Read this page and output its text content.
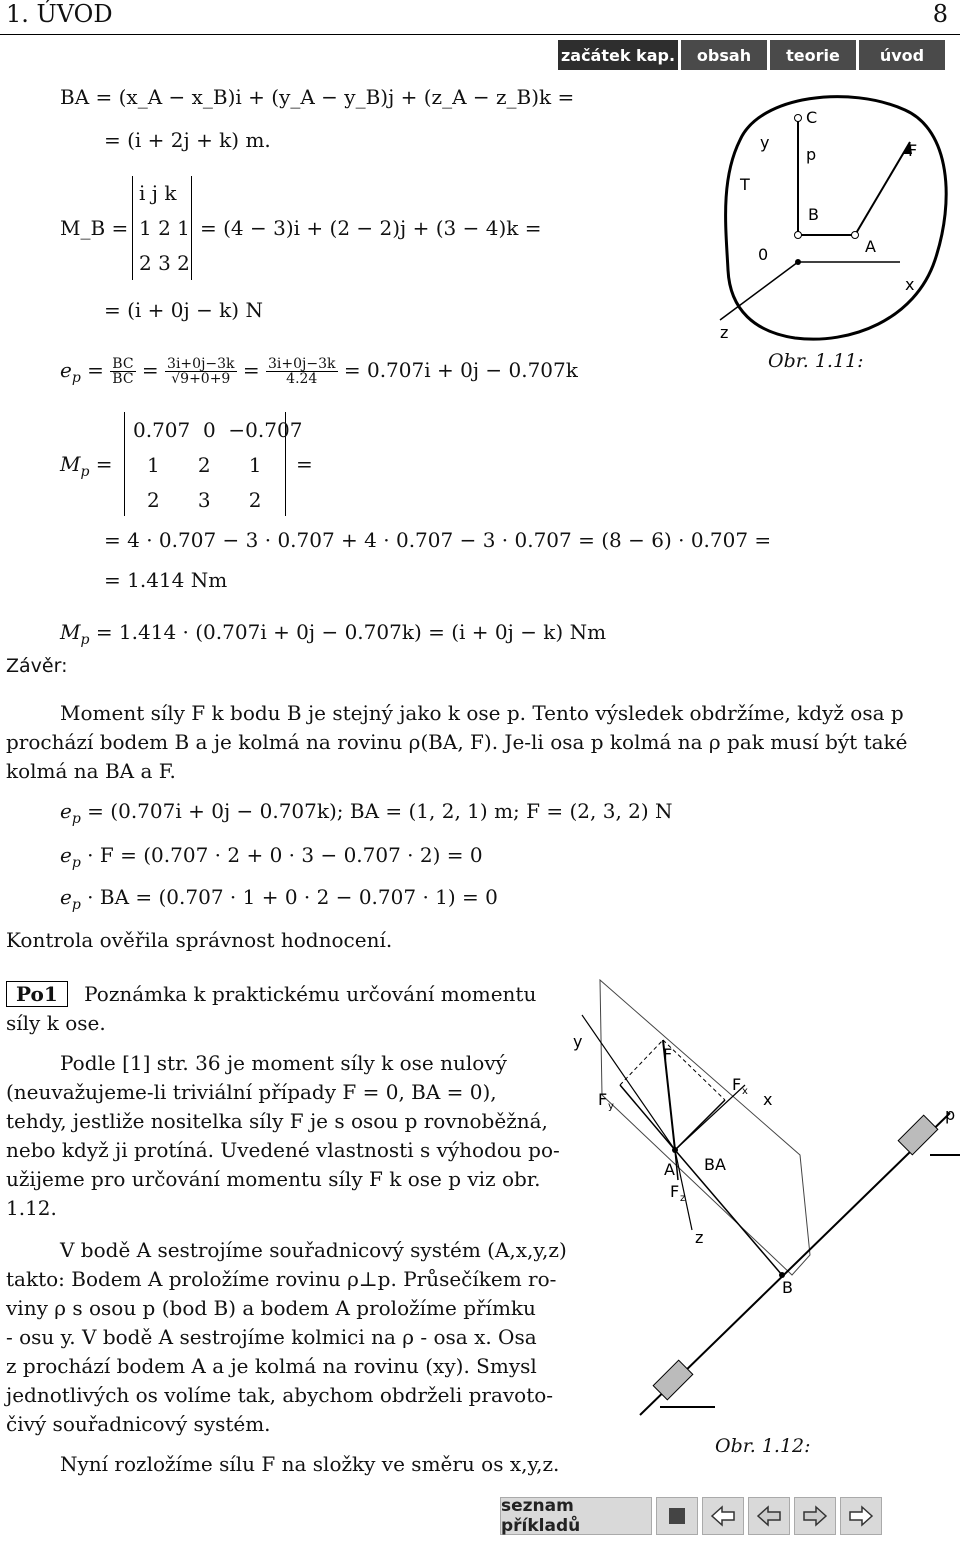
1. ÚVOD	8
začátek kap.	obsah	teorie	úvod
BA = (x_A − x_B)i + (y_A − y_B)j + (z_A − z_B)k =
= (i + 2j + k) m.
M_B =
i j k
1 2 1
2 3 2
= (4 − 3)i + (2 − 2)j + (3 − 4)k =
= (i + 0j − k) N
$e_p = \frac{BC}{BC} = \frac{3i+0j-3k}{√9+0+9} = \frac{3i+0j-3k}{4.24} = 0.707i + 0j - 0.707k$
$M_p$ =
0.707  0  −0.707
1      2      1
2      3      2
=
= 4 · 0.707 − 3 · 0.707 + 4 · 0.707 − 3 · 0.707 = (8 − 6) · 0.707 =
= 1.414 Nm
$M_p = 1.414 \cdot (0.707i + 0j - 0.707k) = (i + 0j - k)$ Nm
Závěr:
Moment síly F k bodu B je stejný jako k ose p. Tento výsledek obdržíme, když osa p
prochází bodem B a je kolmá na rovinu ρ(BA, F). Je-li osa p kolmá na ρ pak musí být také
kolmá na BA a F.
$e_p = (0.707i + 0j - 0.707k)$; BA = (1, 2, 1) m; F = (2, 3, 2) N
$e_p \cdot F = (0.707 \cdot 2 + 0 \cdot 3 - 0.707 \cdot 2) = 0$
$e_p$ · BA = (0.707 · 1 + 0 · 2 − 0.707 · 1) = 0
Kontrola ověřila správnost hodnocení.
Po1 Poznámka k praktickému určování momentu
síly k ose.
Podle [1] str. 36 je moment síly k ose nulový
(neuvažujeme-li triviální případy F = 0, BA = 0),
tehdy, jestliže nositelka síly F je s osou p rovnoběžná,
nebo když ji protíná. Uvedené vlastnosti s výhodou po-
užijeme pro určování momentu síly F k ose p viz obr.
1.12.
V bodě A sestrojíme souřadnicový systém (A,x,y,z)
takto: Bodem A proložíme rovinu ρ⊥p. Průsečíkem ro-
viny ρ s osou p (bod B) a bodem A proložíme přímku
- osu y. V bodě A sestrojíme kolmici na ρ - osa x. Osa
z prochází bodem A a je kolmá na rovinu (xy). Smysl
jednotlivých os volíme tak, abychom obdrželi pravoto-
čivý souřadnicový systém.
Nyní rozložíme sílu F na složky ve směru os x,y,z.
y
C
p	F
T
B
A
0
x
z
Obr. 1.11:
y
F
F x
F y	x
p
A BA
F z
z
B
Obr. 1.12:
seznam příkladů
